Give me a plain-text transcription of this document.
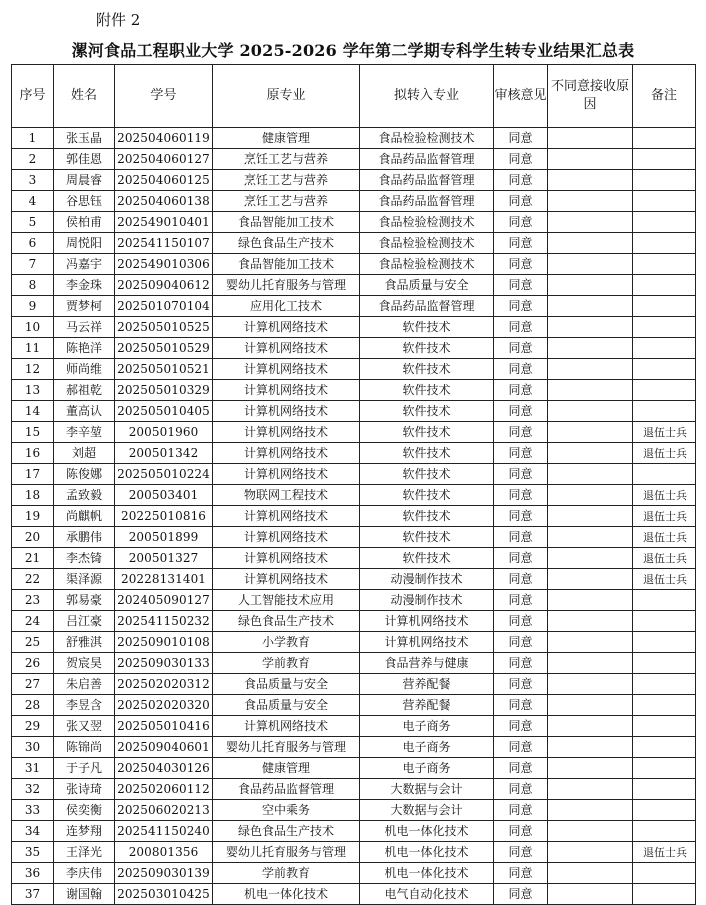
附件 2
漯河食品工程职业大学 2025-2026 学年第二学期专科学生转专业结果汇总表
序号	姓名	学号	原专业	拟转入专业	审核意见	不同意接收原因	备注
1	张玉晶	202504060119	健康管理	食品检验检测技术	同意		
2	郭佳恩	202504060127	烹饪工艺与营养	食品药品监督管理	同意		
3	周晨睿	202504060125	烹饪工艺与营养	食品药品监督管理	同意		
4	谷思钰	202504060138	烹饪工艺与营养	食品药品监督管理	同意		
5	侯柏甫	202549010401	食品智能加工技术	食品检验检测技术	同意		
6	周悦阳	202541150107	绿色食品生产技术	食品检验检测技术	同意		
7	冯嘉宇	202549010306	食品智能加工技术	食品检验检测技术	同意		
8	李金珠	202509040612	婴幼儿托育服务与管理	食品质量与安全	同意		
9	贾梦柯	202501070104	应用化工技术	食品药品监督管理	同意		
10	马云祥	202505010525	计算机网络技术	软件技术	同意		
11	陈艳洋	202505010529	计算机网络技术	软件技术	同意		
12	师尚维	202505010521	计算机网络技术	软件技术	同意		
13	郝祖乾	202505010329	计算机网络技术	软件技术	同意		
14	董高认	202505010405	计算机网络技术	软件技术	同意		
15	李辛堃	200501960	计算机网络技术	软件技术	同意		退伍士兵
16	刘超	200501342	计算机网络技术	软件技术	同意		退伍士兵
17	陈俊娜	202505010224	计算机网络技术	软件技术	同意		
18	孟致毅	200503401	物联网工程技术	软件技术	同意		退伍士兵
19	尚麒帆	20225010816	计算机网络技术	软件技术	同意		退伍士兵
20	承鹏伟	200501899	计算机网络技术	软件技术	同意		退伍士兵
21	李杰锜	200501327	计算机网络技术	软件技术	同意		退伍士兵
22	渠泽源	20228131401	计算机网络技术	动漫制作技术	同意		退伍士兵
23	郭易豪	202405090127	人工智能技术应用	动漫制作技术	同意		
24	吕江豪	202541150232	绿色食品生产技术	计算机网络技术	同意		
25	舒雅淇	202509010108	小学教育	计算机网络技术	同意		
26	贺宸昊	202509030133	学前教育	食品营养与健康	同意		
27	朱启善	202502020312	食品质量与安全	营养配餐	同意		
28	李昱含	202502020320	食品质量与安全	营养配餐	同意		
29	张又翌	202505010416	计算机网络技术	电子商务	同意		
30	陈锦尚	202509040601	婴幼儿托育服务与管理	电子商务	同意		
31	于子凡	202504030126	健康管理	电子商务	同意		
32	张诗琦	202502060112	食品药品监督管理	大数据与会计	同意		
33	侯奕衡	202506020213	空中乘务	大数据与会计	同意		
34	连梦翔	202541150240	绿色食品生产技术	机电一体化技术	同意		
35	王泽光	200801356	婴幼儿托育服务与管理	机电一体化技术	同意		退伍士兵
36	李庆伟	202509030139	学前教育	机电一体化技术	同意		
37	谢国翰	202503010425	机电一体化技术	电气自动化技术	同意		
